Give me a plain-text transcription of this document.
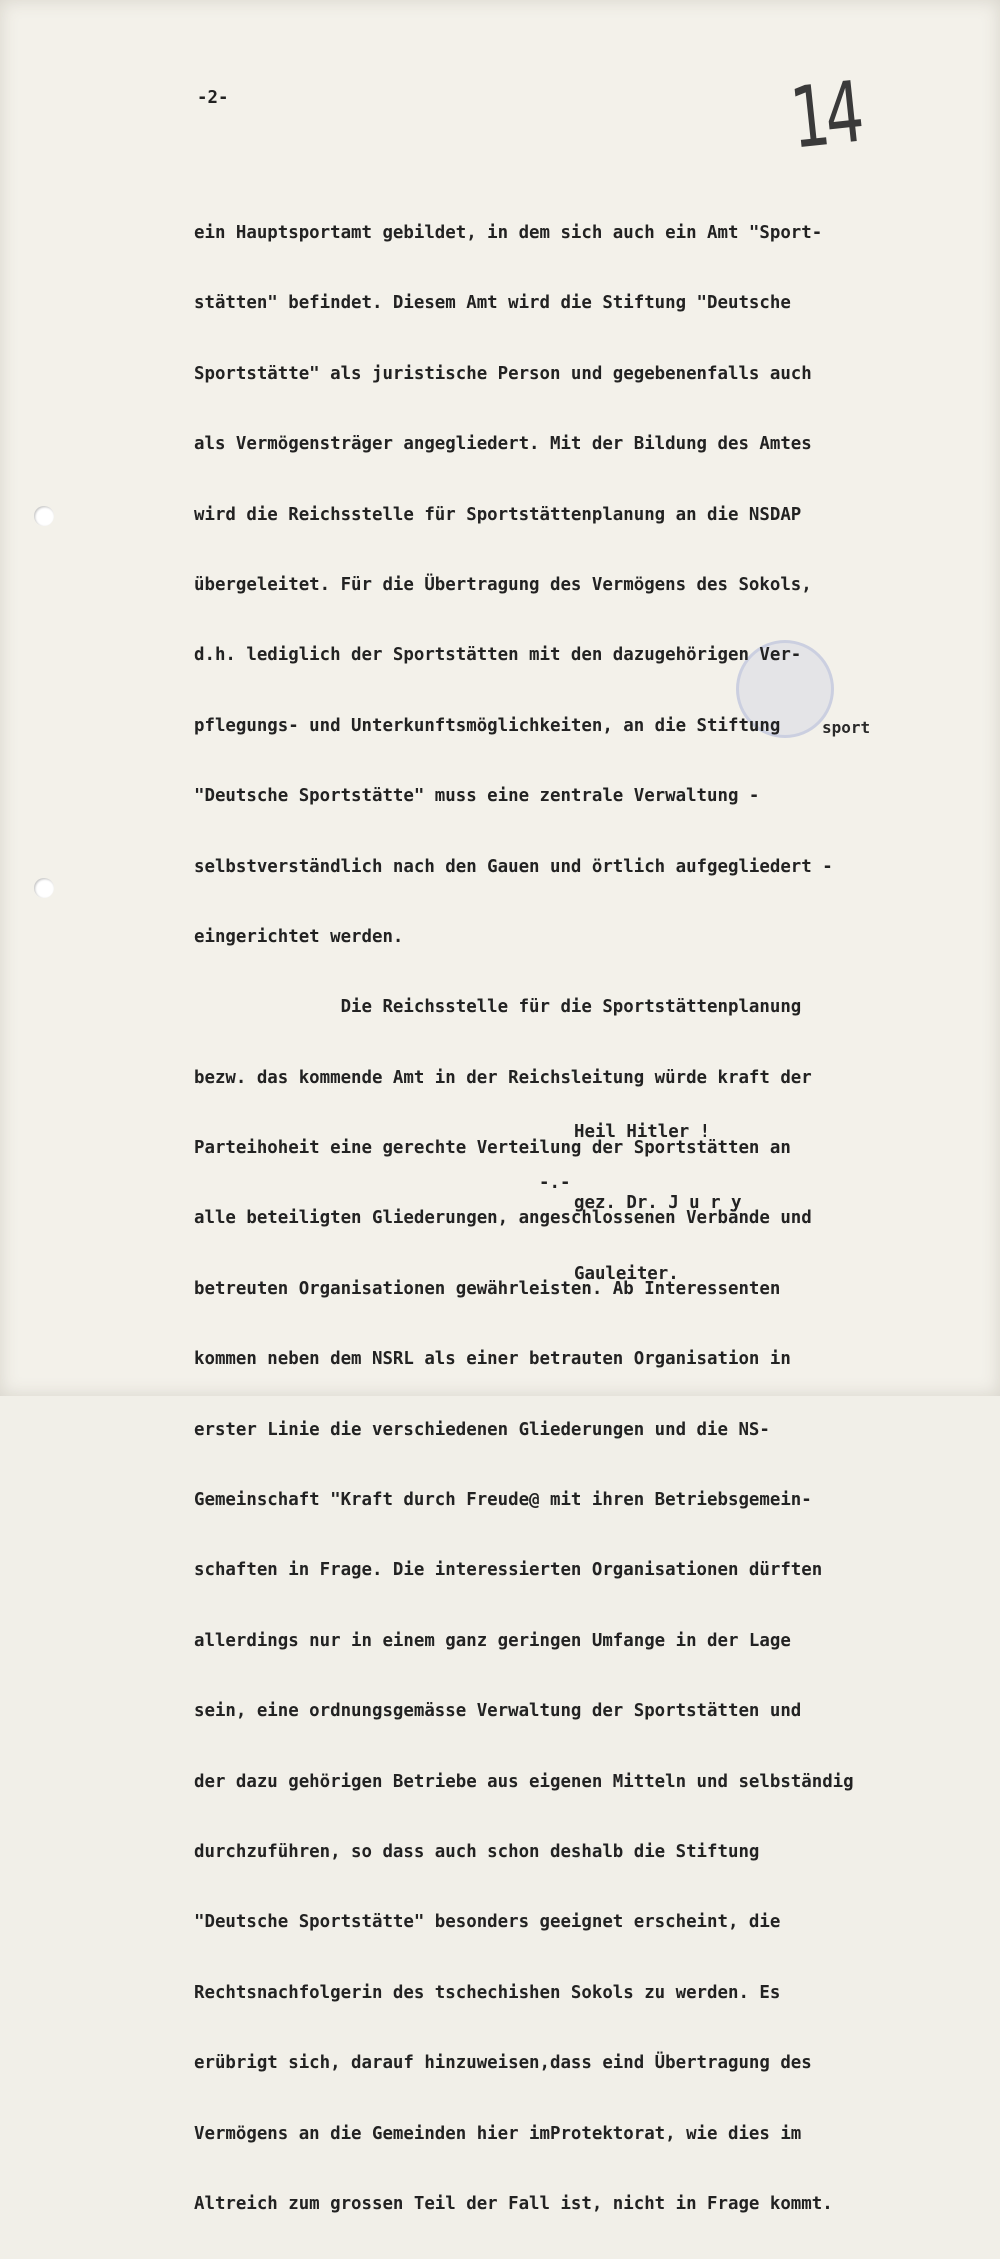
-2-	14

ein Hauptsportamt gebildet, in dem sich auch ein Amt "Sport-

stätten" befindet. Diesem Amt wird die Stiftung "Deutsche

Sportstätte" als juristische Person und gegebenenfalls auch

als Vermögensträger angegliedert. Mit der Bildung des Amtes

wird die Reichsstelle für Sportstättenplanung an die NSDAP

übergeleitet. Für die Übertragung des Vermögens des Sokols,

d.h. lediglich der Sportstätten mit den dazugehörigen Ver-

pflegungs- und Unterkunftsmöglichkeiten, an die Stiftung

"Deutsche Sportstätte" muss eine zentrale Verwaltung -

selbstverständlich nach den Gauen und örtlich aufgegliedert -

eingerichtet werden.

Die Reichsstelle für die Sportstättenplanung

bezw. das kommende Amt in der Reichsleitung würde kraft der

Parteihoheit eine gerechte Verteilung der Sportstätten an

alle beteiligten Gliederungen, angeschlossenen Verbände und

betreuten Organisationen gewährleisten. Ab Interessenten

kommen neben dem NSRL als einer betrauten Organisation in

erster Linie die verschiedenen Gliederungen und die NS-

Gemeinschaft "Kraft durch Freude@ mit ihren Betriebsgemein-

schaften in Frage. Die interessierten Organisationen dürften

allerdings nur in einem ganz geringen Umfange in der Lage

sein, eine ordnungsgemässe Verwaltung der Sportstätten und

der dazu gehörigen Betriebe aus eigenen Mitteln und selbständig

durchzuführen, so dass auch schon deshalb die Stiftung

"Deutsche Sportstätte" besonders geeignet erscheint, die

Rechtsnachfolgerin des tschechishen Sokols zu werden. Es

erübrigt sich, darauf hinzuweisen,dass eind Übertragung des

Vermögens an die Gemeinden hier imProtektorat, wie dies im

Altreich zum grossen Teil der Fall ist, nicht in Frage kommt.

sport

Heil Hitler !

gez. Dr. J u r y

Gauleiter.

-.-
